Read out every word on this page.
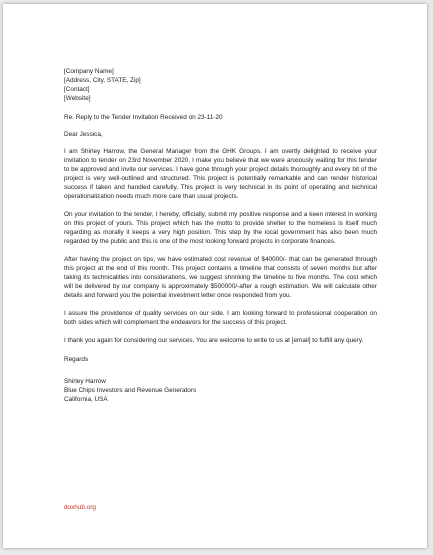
[Company Name]
[Address, City, STATE, Zip]
[Contact]
[Website]
Re. Reply to the Tender Invitation Received on 23-11-20
Dear Jessica,
I am Shirley Harrow, the General Manager from the GHK Groups. I am overtly delighted to receive your invitation to tender on 23rd November 2020. I make you believe that we were anxiously waiting for this tender to be approved and invite our services. I have gone through your project details thoroughly and every bit of the project is very well-outlined and structured. This project is potentially remarkable and can render historical success if taken and handled carefully. This project is very technical in its point of operating and technical operationalization needs much more care than usual projects.
On your invitation to the tender, I hereby, officially, submit my positive response and a keen interest in working on this project of yours. This project which has the motto to provide shelter to the homeless is itself much regarding as morally it keeps a very high position. This step by the local government has also been much regarded by the public and this is one of the most looking forward projects in corporate finances.
After having the project on tips, we have estimated cost revenue of $40000/- that can be generated through this project at the end of this month. This project contains a timeline that consists of seven months but after taking its technicalities into considerations, we suggest shrinking the timeline to five months. The cost which will be delivered by our company is approximately $500000/-after a rough estimation. We will calculate other details and forward you the potential investment letter once responded from you.
I assure the providence of quality services on our side. I am looking forward to professional cooperation on both sides which will complement the endeavors for the success of this project.
I thank you again for considering our services. You are welcome to write to us at [email] to fulfill any query.
Regards
Shirley Harrow
Blue Chips Investors and Revenue Generators
California, USA
doxhub.org
